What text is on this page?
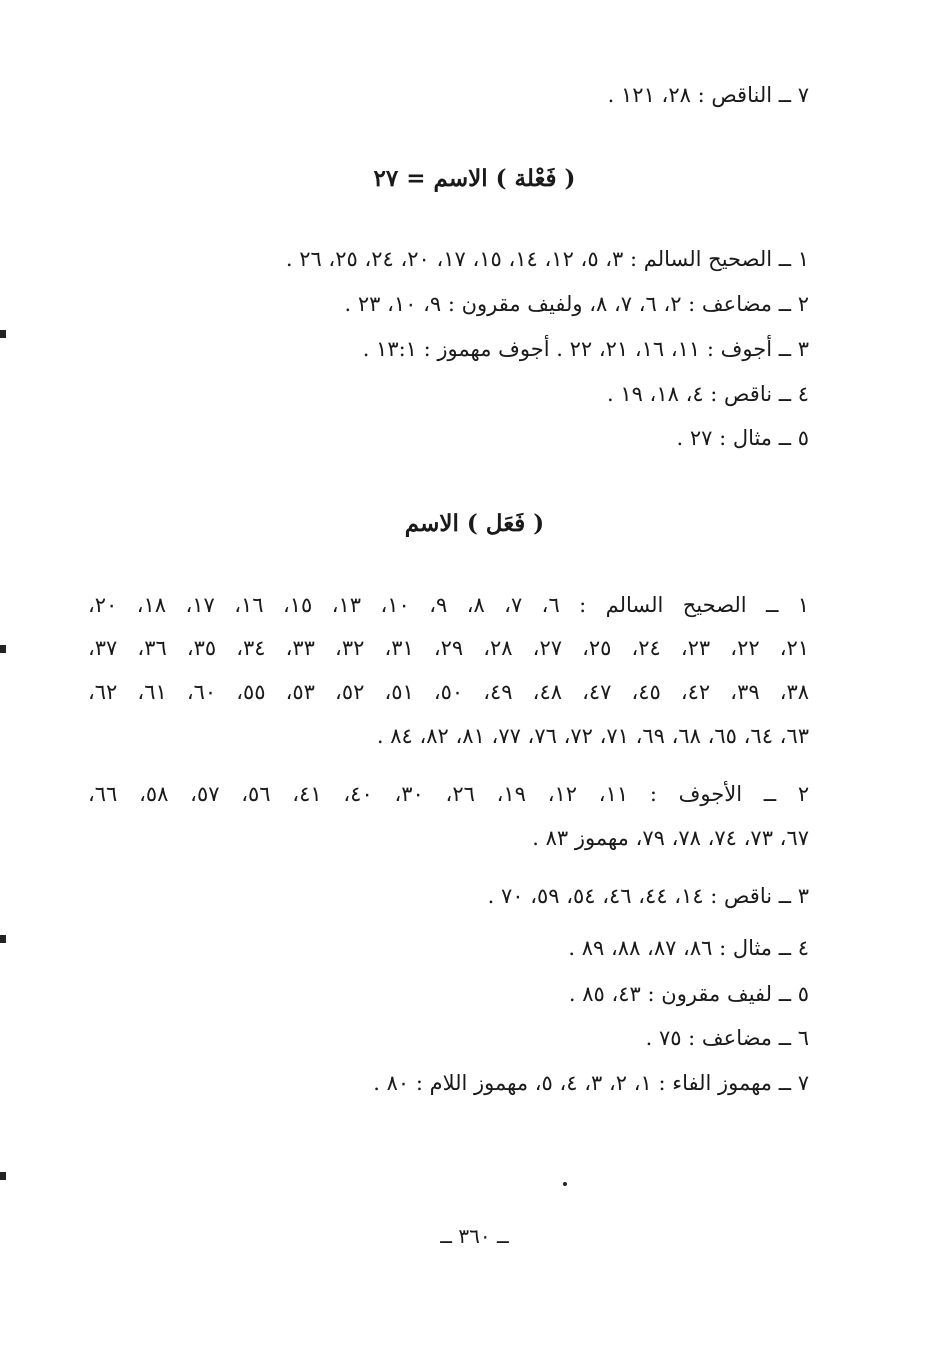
٧ ــ الناقص : ٢٨، ١٢١ .
( فَعْلة ) الاسم = ٢٧
١ ــ الصحيح السالم : ٣، ٥، ١٢، ١٤، ١٥، ١٧، ٢٠، ٢٤، ٢٥، ٢٦ .
٢ ــ مضاعف : ٢، ٦، ٧، ٨، ولفيف مقرون : ٩، ١٠، ٢٣ .
٣ ــ أجوف : ١١، ١٦، ٢١، ٢٢ . أجوف مهموز : ١٣:١ .
٤ ــ ناقص : ٤، ١٨، ١٩ .
٥ ــ مثال : ٢٧ .
( فَعَل ) الاسم
١ ــ الصحيح السالم : ٦، ٧، ٨، ٩، ١٠، ١٣، ١٥، ١٦، ١٧، ١٨، ٢٠،
٢١، ٢٢، ٢٣، ٢٤، ٢٥، ٢٧، ٢٨، ٢٩، ٣١، ٣٢، ٣٣، ٣٤، ٣٥، ٣٦، ٣٧،
٣٨، ٣٩، ٤٢، ٤٥، ٤٧، ٤٨، ٤٩، ٥٠، ٥١، ٥٢، ٥٣، ٥٥، ٦٠، ٦١، ٦٢،
٦٣، ٦٤، ٦٥، ٦٨، ٦٩، ٧١، ٧٢، ٧٦، ٧٧، ٨١، ٨٢، ٨٤ .
٢ ــ الأجوف : ١١، ١٢، ١٩، ٢٦، ٣٠، ٤٠، ٤١، ٥٦، ٥٧، ٥٨، ٦٦،
٦٧، ٧٣، ٧٤، ٧٨، ٧٩، مهموز ٨٣ .
٣ ــ ناقص : ١٤، ٤٤، ٤٦، ٥٤، ٥٩، ٧٠ .
٤ ــ مثال : ٨٦، ٨٧، ٨٨، ٨٩ .
٥ ــ لفيف مقرون : ٤٣، ٨٥ .
٦ ــ مضاعف : ٧٥ .
٧ ــ مهموز الفاء : ١، ٢، ٣، ٤، ٥، مهموز اللام : ٨٠ .
ــ ٣٦٠ ــ
